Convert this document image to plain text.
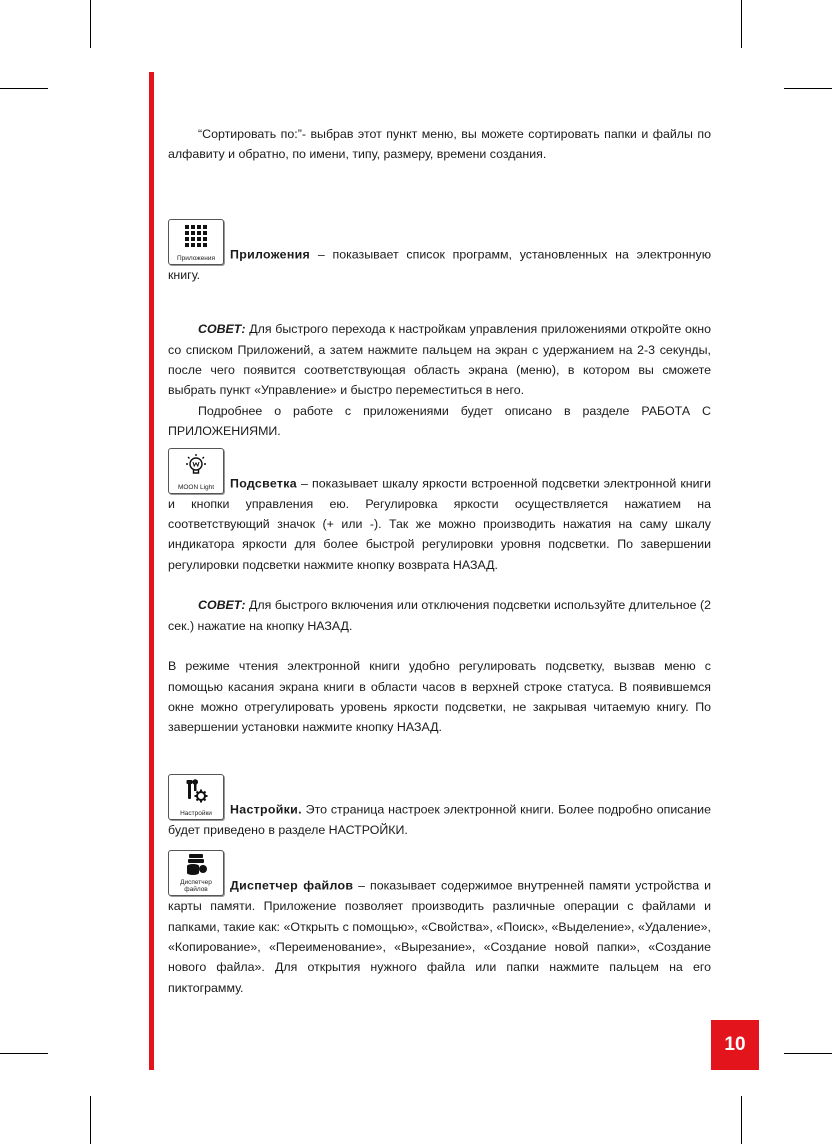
10

“Сортировать по:”- выбрав этот пункт меню, вы можете сортировать папки и файлы по алфавиту и обратно, по имени, типу, размеру, времени создания.

Приложения	Приложения – показывает список программ, установленных на электронную книгу.

СОВЕТ: Для быстрого перехода к настройкам управления приложениями откройте окно со списком Приложений, а затем нажмите пальцем на экран с удержанием на 2-3 секунды, после чего появится соответствующая область экрана (меню), в котором вы сможете выбрать пункт «Управление» и быстро переместиться в него.

Подробнее о работе с приложениями будет описано в разделе РАБОТА С ПРИЛОЖЕНИЯМИ.

MOON Light	Подсветка – показывает шкалу яркости встроенной подсветки электронной книги и кнопки управления ею. Регулировка яркости осуществляется нажатием на соответствующий значок (+ или -). Так же можно производить нажатия на саму шкалу индикатора яркости для более быстрой регулировки уровня подсветки. По завершении регулировки подсветки нажмите кнопку возврата НАЗАД.

СОВЕТ: Для быстрого включения или отключения подсветки используйте длительное (2 сек.) нажатие на кнопку НАЗАД.

В режиме чтения электронной книги удобно регулировать подсветку, вызвав меню с помощью касания экрана книги в области часов в верхней строке статуса. В появившемся окне можно отрегулировать уровень яркости подсветки, не закрывая читаемую книгу. По завершении установки нажмите кнопку НАЗАД.

Настройки	Настройки. Это страница настроек электронной книги. Более подробно описание будет приведено в разделе НАСТРОЙКИ.

Диспетчер файлов	Диспетчер файлов – показывает содержимое внутренней памяти устройства и карты памяти. Приложение позволяет производить различные операции с файлами и папками, такие как: «Открыть с помощью», «Свойства», «Поиск», «Выделение», «Удаление», «Копирование», «Переименование», «Вырезание», «Создание новой папки», «Создание нового файла». Для открытия нужного файла или папки нажмите пальцем на его пиктограмму.
